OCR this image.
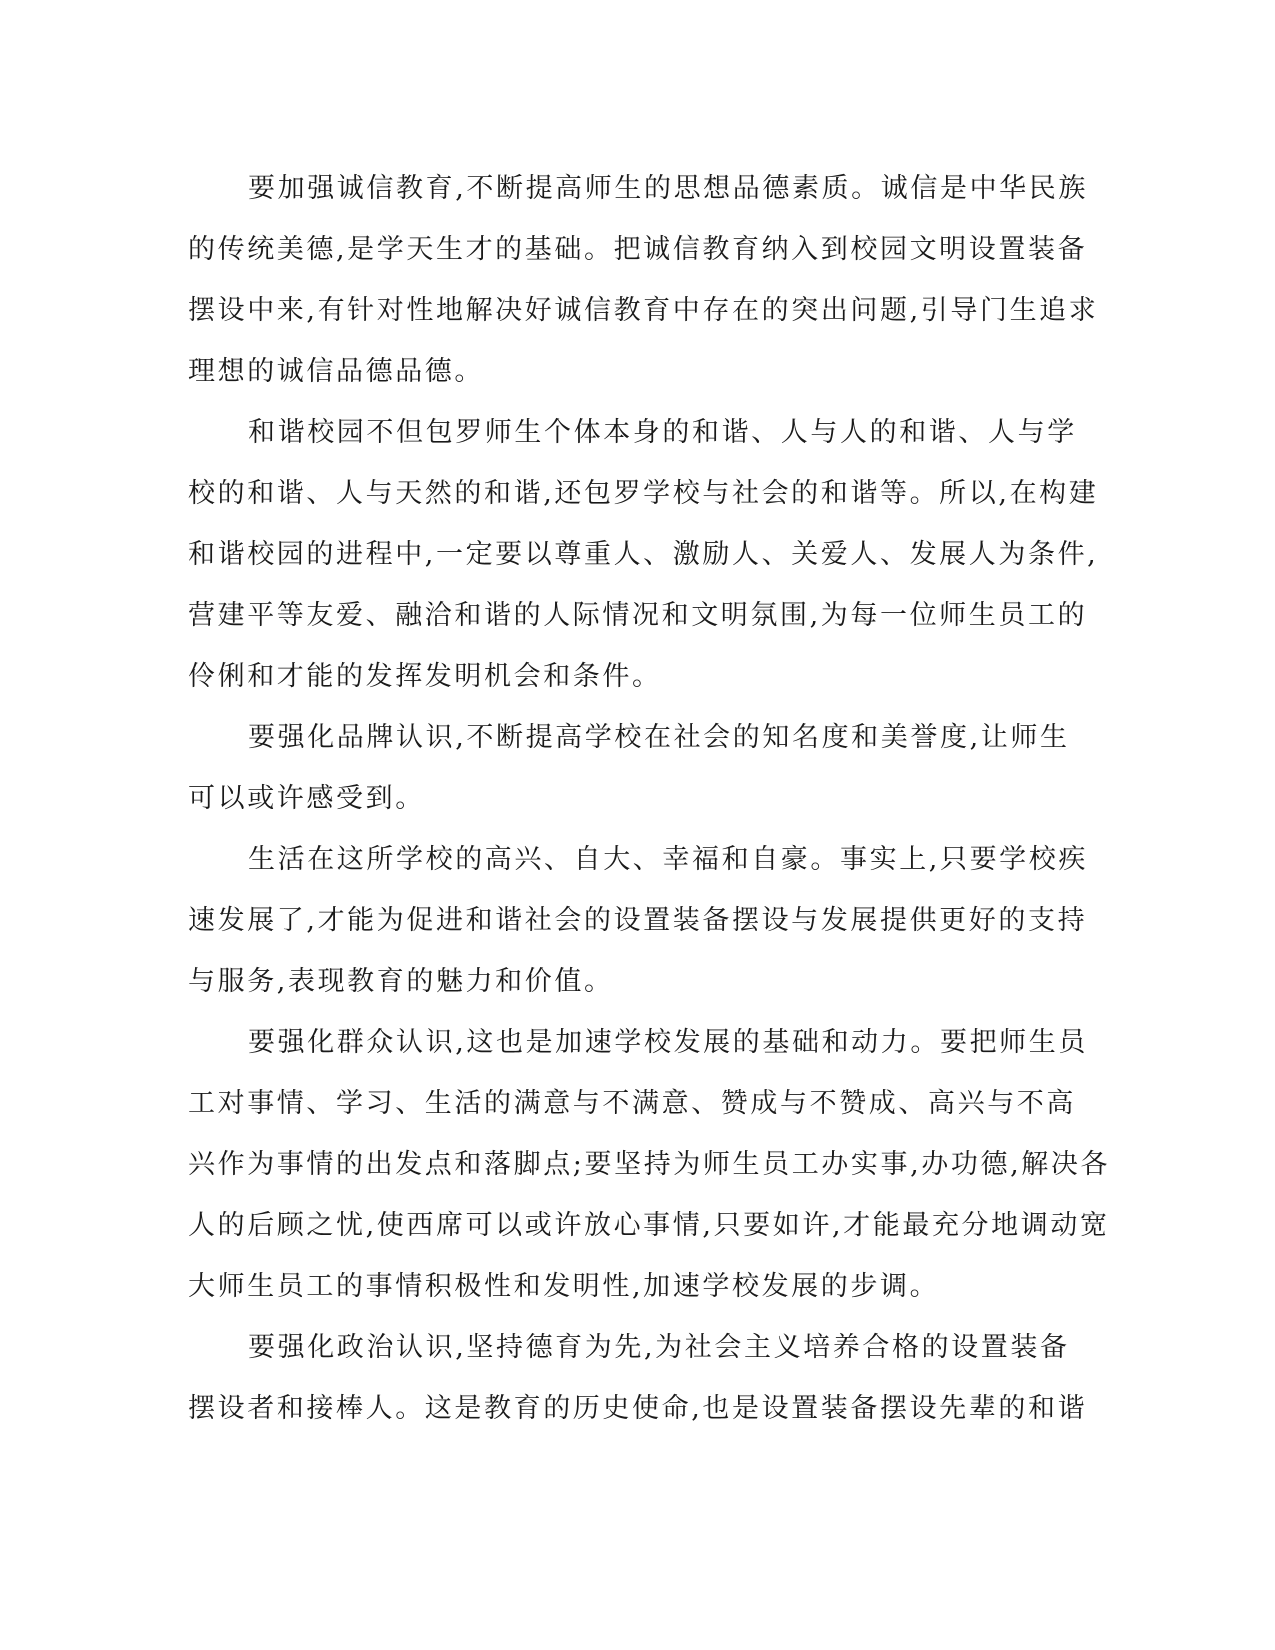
要加强诚信教育,不断提高师生的思想品德素质。诚信是中华民族
的传统美德,是学天生才的基础。把诚信教育纳入到校园文明设置装备
摆设中来,有针对性地解决好诚信教育中存在的突出问题,引导门生追求
理想的诚信品德品德。

和谐校园不但包罗师生个体本身的和谐、人与人的和谐、人与学
校的和谐、人与天然的和谐,还包罗学校与社会的和谐等。所以,在构建
和谐校园的进程中,一定要以尊重人、激励人、关爱人、发展人为条件,
营建平等友爱、融洽和谐的人际情况和文明氛围,为每一位师生员工的
伶俐和才能的发挥发明机会和条件。

要强化品牌认识,不断提高学校在社会的知名度和美誉度,让师生
可以或许感受到。

生活在这所学校的高兴、自大、幸福和自豪。事实上,只要学校疾
速发展了,才能为促进和谐社会的设置装备摆设与发展提供更好的支持
与服务,表现教育的魅力和价值。

要强化群众认识,这也是加速学校发展的基础和动力。要把师生员
工对事情、学习、生活的满意与不满意、赞成与不赞成、高兴与不高
兴作为事情的出发点和落脚点;要坚持为师生员工办实事,办功德,解决各
人的后顾之忧,使西席可以或许放心事情,只要如许,才能最充分地调动宽
大师生员工的事情积极性和发明性,加速学校发展的步调。

要强化政治认识,坚持德育为先,为社会主义培养合格的设置装备
摆设者和接棒人。这是教育的历史使命,也是设置装备摆设先辈的和谐
